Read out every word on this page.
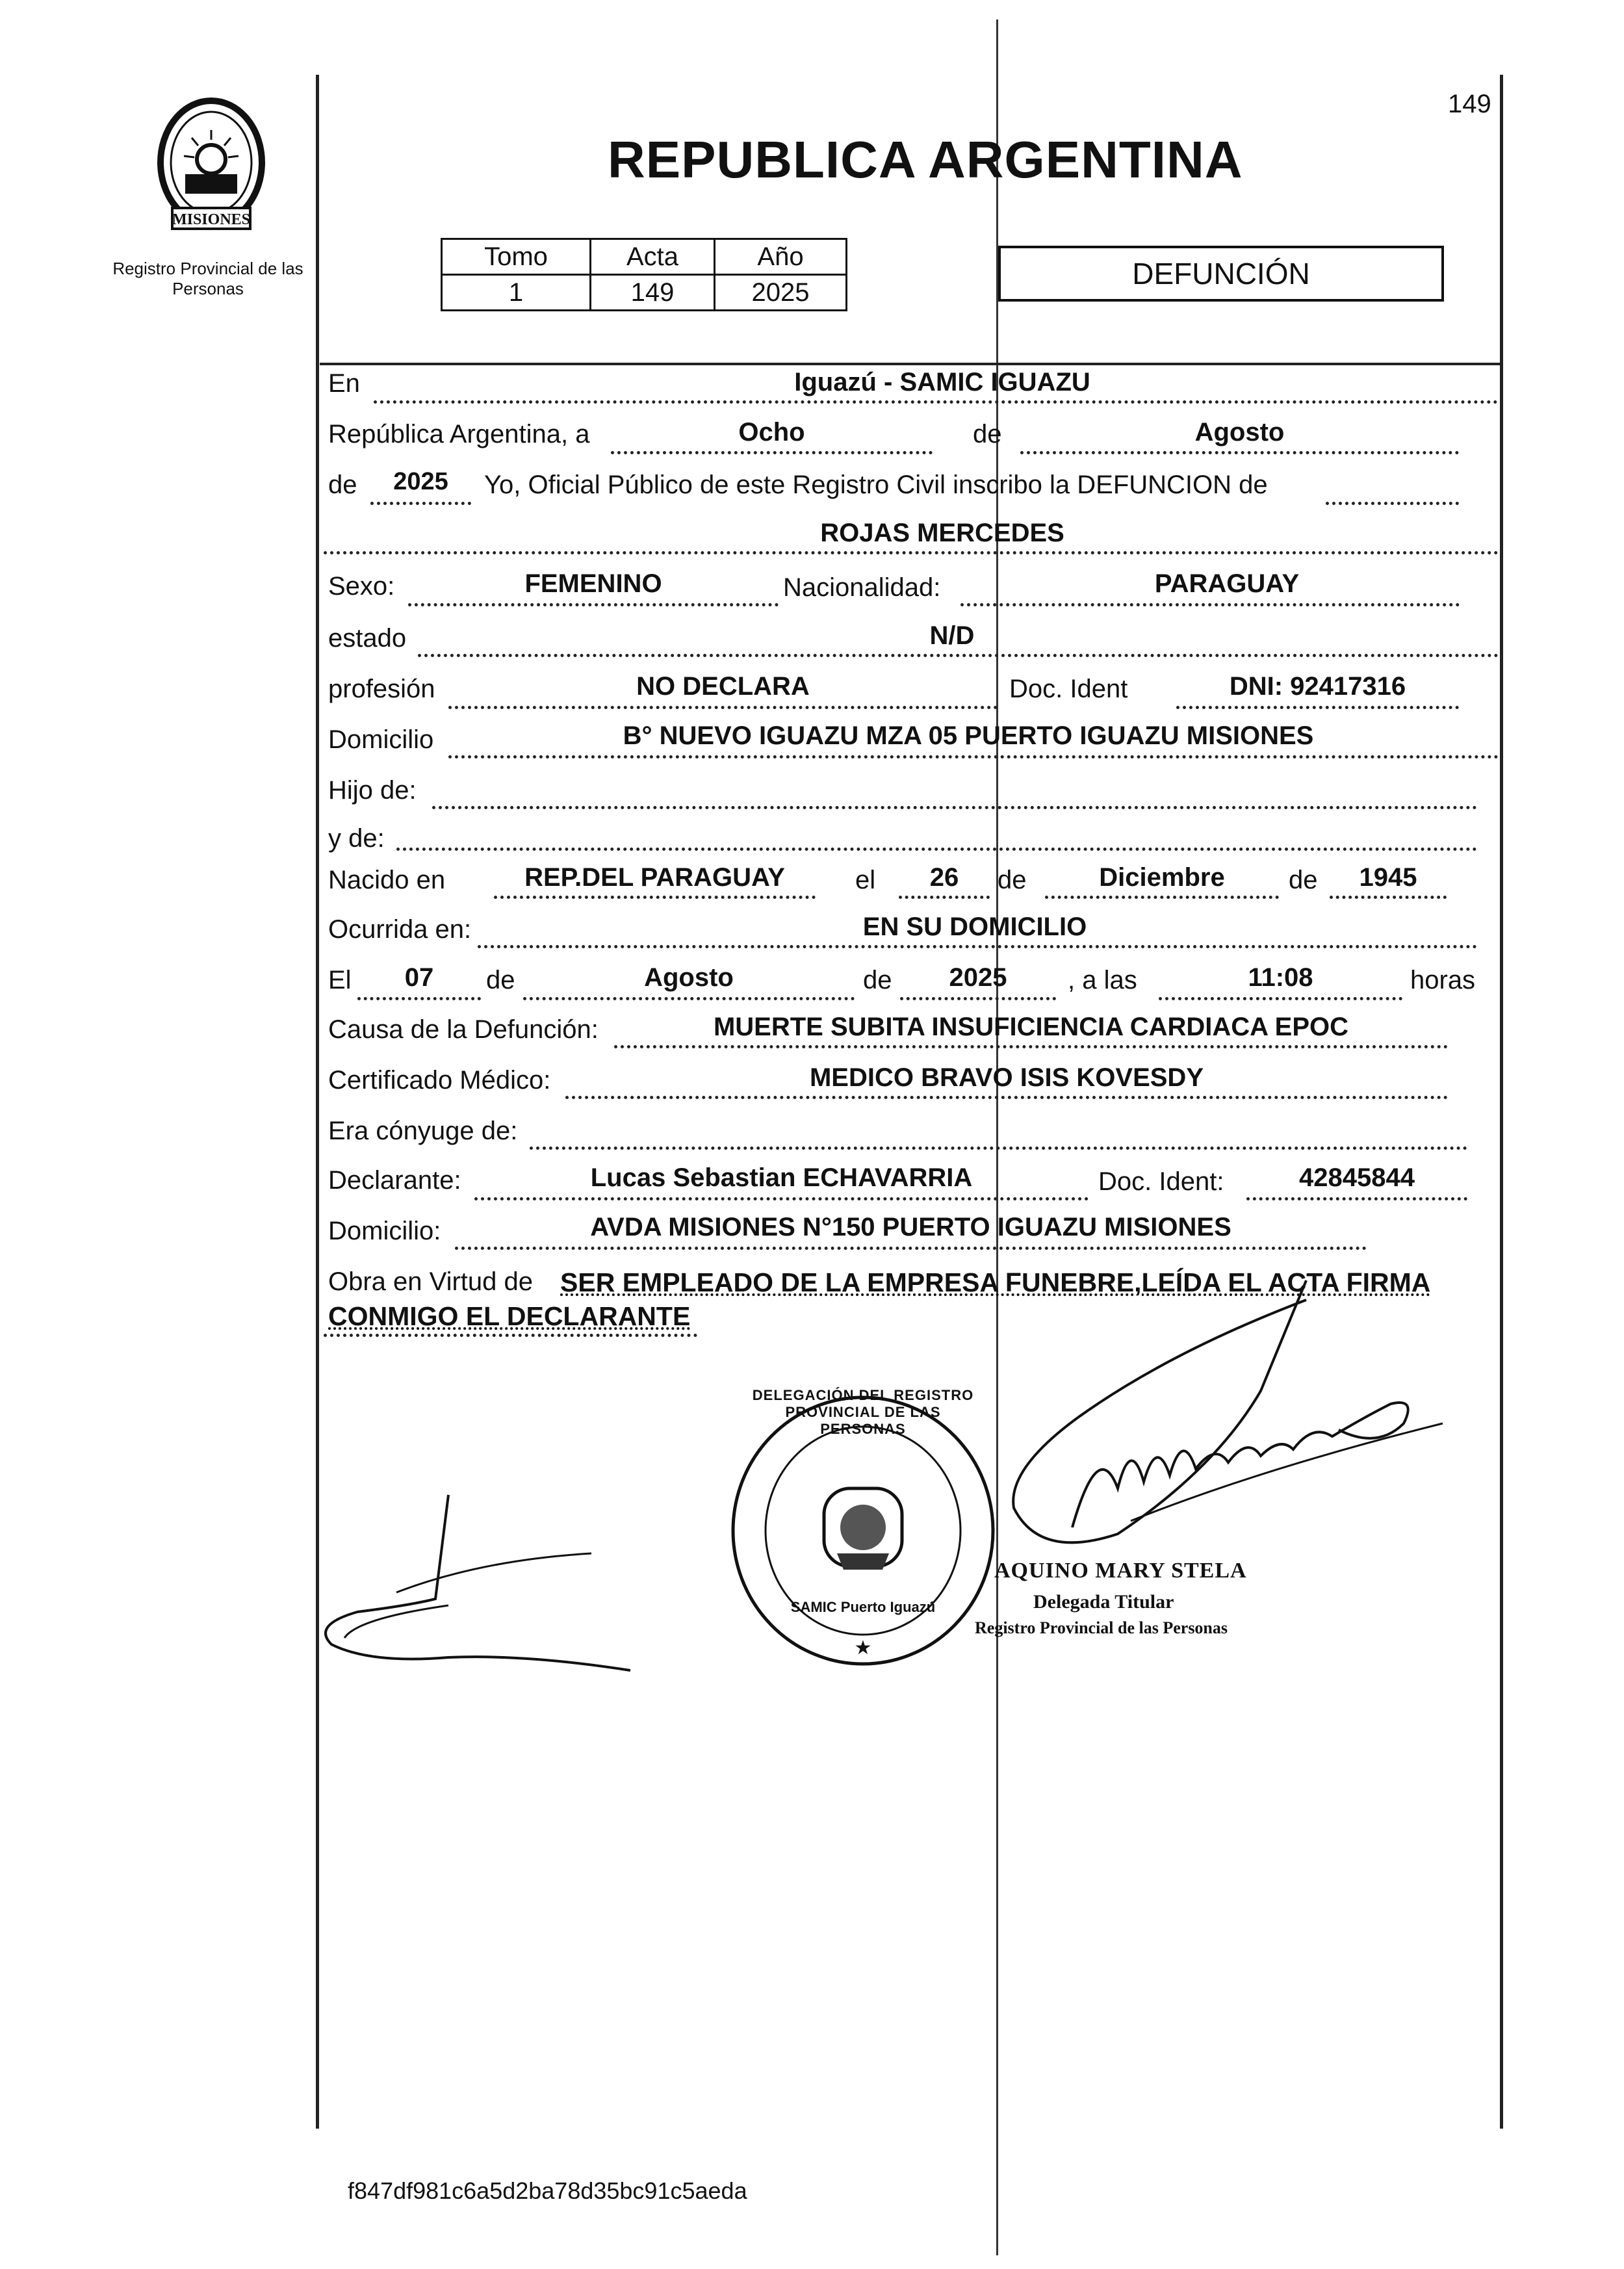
149
MISIONES
Registro Provincial de las Personas
REPUBLICA ARGENTINA
Tomo	Acta	Año
1	149	2025
DEFUNCIÓN
En	Iguazú - SAMIC IGUAZU
República Argentina, a	Ocho	de	Agosto
de	2025	Yo, Oficial Público de este Registro Civil inscribo la DEFUNCION de
ROJAS MERCEDES
Sexo:	FEMENINO	Nacionalidad:	PARAGUAY
estado	N/D
profesión	NO DECLARA	Doc. Ident	DNI: 92417316
Domicilio	B° NUEVO IGUAZU MZA 05 PUERTO IGUAZU MISIONES
Hijo de:
y de:
Nacido en	REP.DEL PARAGUAY	el	26	de	Diciembre	de	1945
Ocurrida en:	EN SU DOMICILIO
El	07	de	Agosto	de	2025	, a las	11:08	horas
Causa de la Defunción:	MUERTE SUBITA INSUFICIENCIA CARDIACA EPOC
Certificado Médico:	MEDICO BRAVO ISIS KOVESDY
Era cónyuge de:
Declarante:	Lucas Sebastian ECHAVARRIA	Doc. Ident:	42845844
Domicilio:	AVDA MISIONES N°150 PUERTO IGUAZU MISIONES
Obra en Virtud de SER EMPLEADO DE LA EMPRESA FUNEBRE,LEÍDA EL ACTA FIRMA
CONMIGO EL DECLARANTE
★
DELEGACIÓN DEL REGISTRO PROVINCIAL DE LAS PERSONAS
SAMIC Puerto Iguazú
AQUINO MARY STELA
Delegada Titular
Registro Provincial de las Personas
f847df981c6a5d2ba78d35bc91c5aeda
